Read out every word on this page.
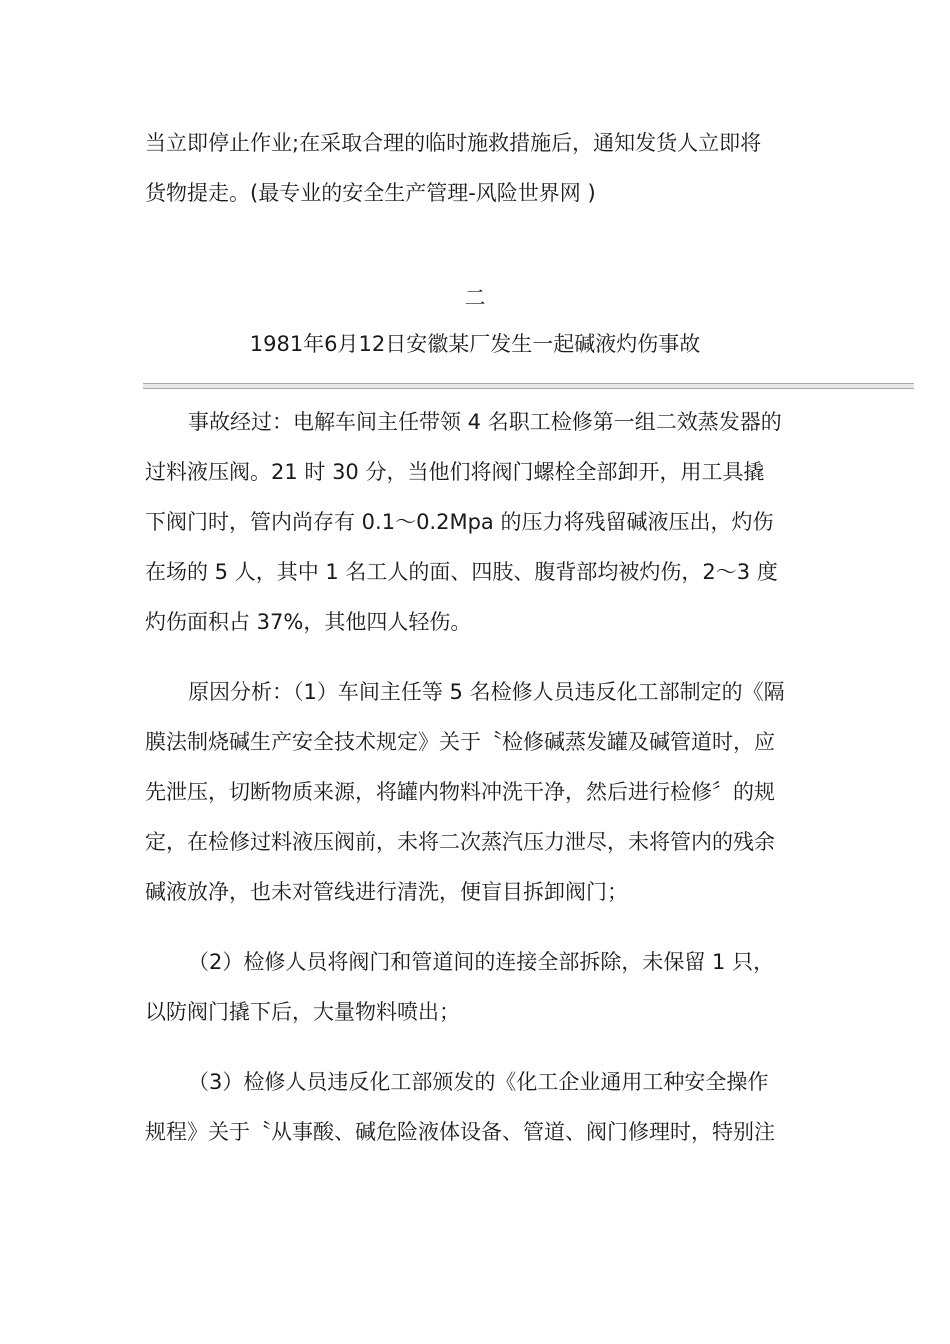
当立即停止作业;在采取合理的临时施救措施后，通知发货人立即将

货物提走。(最专业的安全生产管理-风险世界网 )

二
1981年6月12日安徽某厂发生一起碱液灼伤事故
事故经过：电解车间主任带领 4 名职工检修第一组二效蒸发器的
过料液压阀。21 时 30 分，当他们将阀门螺栓全部卸开，用工具撬
下阀门时，管内尚存有 0.1～0.2Mpa 的压力将残留碱液压出，灼伤
在场的 5 人，其中 1 名工人的面、四肢、腹背部均被灼伤，2～3 度
灼伤面积占 37%，其他四人轻伤。
原因分析：（1）车间主任等 5 名检修人员违反化工部制定的《隔
膜法制烧碱生产安全技术规定》关于〝检修碱蒸发罐及碱管道时，应
先泄压，切断物质来源，将罐内物料冲洗干净，然后进行检修〞的规
定，在检修过料液压阀前，未将二次蒸汽压力泄尽，未将管内的残余
碱液放净，也未对管线进行清洗，便盲目拆卸阀门；
（2）检修人员将阀门和管道间的连接全部拆除，未保留 1 只，
以防阀门撬下后，大量物料喷出；
（3）检修人员违反化工部颁发的《化工企业通用工种安全操作
规程》关于〝从事酸、碱危险液体设备、管道、阀门修理时，特别注
